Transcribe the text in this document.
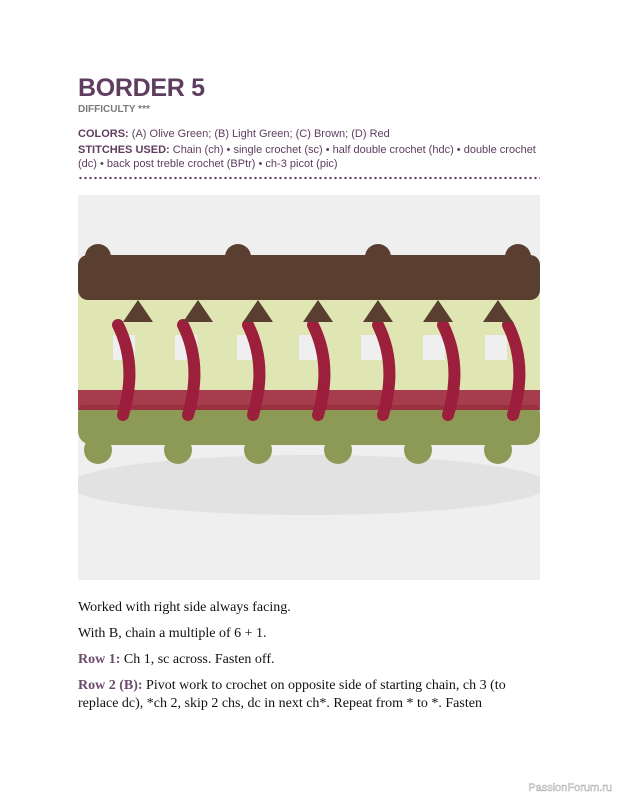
BORDER 5
DIFFICULTY ***
COLORS: (A) Olive Green; (B) Light Green; (C) Brown; (D) Red
STITCHES USED: Chain (ch) • single crochet (sc) • half double crochet (hdc) • double crochet (dc) • back post treble crochet (BPtr) • ch-3 picot (pic)
Worked with right side always facing.
With B, chain a multiple of 6 + 1.
Row 1: Ch 1, sc across. Fasten off.
Row 2 (B): Pivot work to crochet on opposite side of starting chain, ch 3 (to replace dc), *ch 2, skip 2 chs, dc in next ch*. Repeat from * to *. Fasten
PassionForum.ru
